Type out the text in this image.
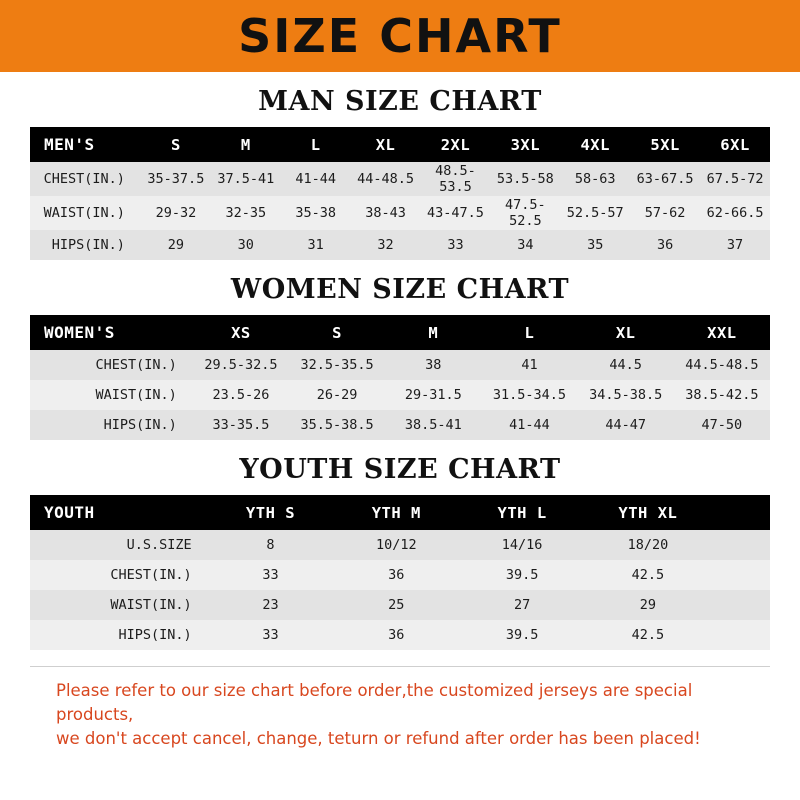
SIZE CHART
MAN SIZE CHART
MEN'S	S	M	L	XL	2XL	3XL	4XL	5XL	6XL
CHEST(IN.)	35-37.5	37.5-41	41-44	44-48.5	48.5-53.5	53.5-58	58-63	63-67.5	67.5-72
WAIST(IN.)	29-32	32-35	35-38	38-43	43-47.5	47.5-52.5	52.5-57	57-62	62-66.5
HIPS(IN.)	29	30	31	32	33	34	35	36	37
WOMEN SIZE CHART
WOMEN'S	XS	S	M	L	XL	XXL
CHEST(IN.)	29.5-32.5	32.5-35.5	38	41	44.5	44.5-48.5
WAIST(IN.)	23.5-26	26-29	29-31.5	31.5-34.5	34.5-38.5	38.5-42.5
HIPS(IN.)	33-35.5	35.5-38.5	38.5-41	41-44	44-47	47-50
YOUTH SIZE CHART
YOUTH	YTH S	YTH M	YTH L	YTH XL	
U.S.SIZE	8	10/12	14/16	18/20	
CHEST(IN.)	33	36	39.5	42.5	
WAIST(IN.)	23	25	27	29	
HIPS(IN.)	33	36	39.5	42.5	

Please refer to our size chart before order,the customized jerseys are special products,

we don't accept cancel, change, teturn or refund after order has been placed!
